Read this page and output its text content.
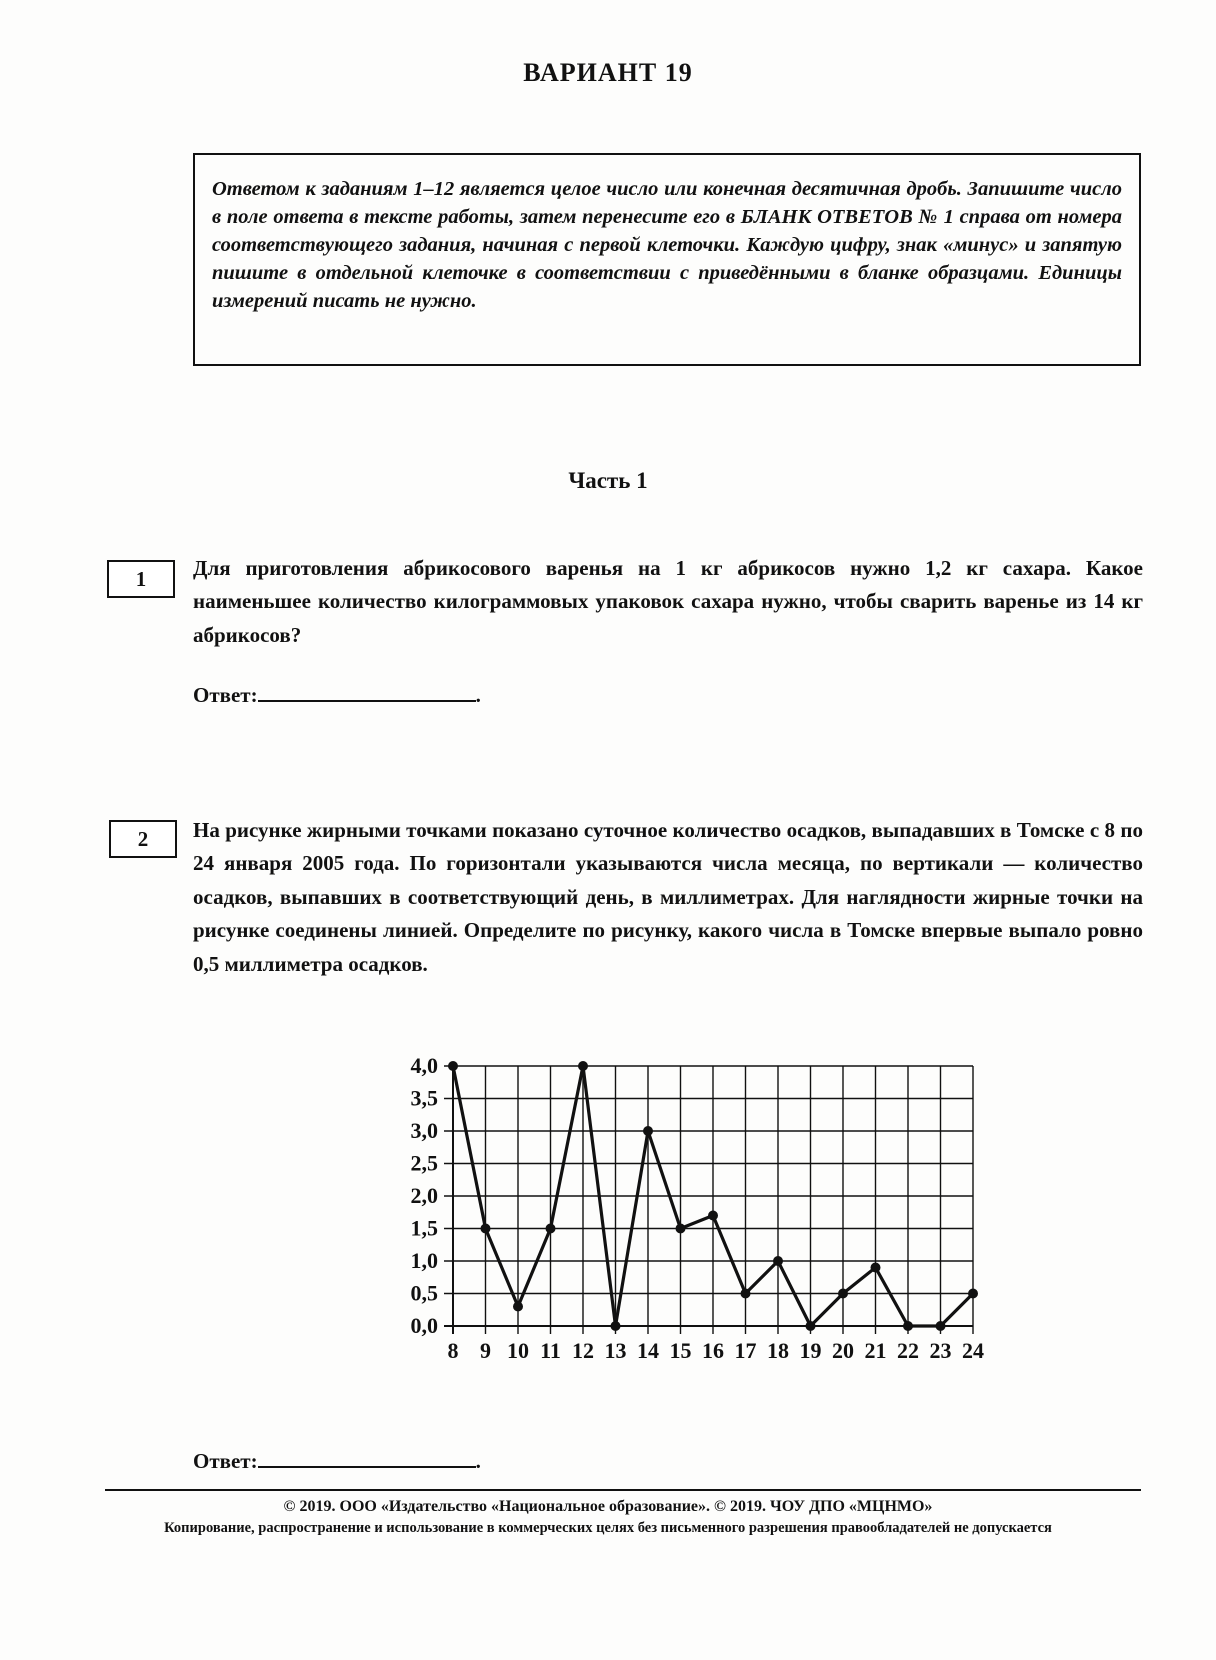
ВАРИАНТ 19
Ответом к заданиям 1–12 является целое число или конечная десятичная дробь. Запишите число в поле ответа в тексте работы, затем перенесите его в БЛАНК ОТВЕТОВ № 1 справа от номера соответствующего задания, начиная с первой клеточки. Каждую цифру, знак «минус» и запятую пишите в отдельной клеточке в соответствии с приведёнными в бланке образцами. Единицы измерений писать не нужно.
Часть 1
1 Для приготовления абрикосового варенья на 1 кг абрикосов нужно 1,2 кг сахара. Какое наименьшее количество килограммовых упаковок сахара нужно, чтобы сварить варенье из 14 кг абрикосов?
Ответ:	.
2 На рисунке жирными точками показано суточное количество осадков, выпадавших в Томске с 8 по 24 января 2005 года. По горизонтали указываются числа месяца, по вертикали — количество осадков, выпавших в соответствующий день, в миллиметрах. Для наглядности жирные точки на рисунке соединены линией. Определите по рисунку, какого числа в Томске впервые выпало ровно 0,5 миллиметра осадков.
0,0
0,5
1,0
1,5
2,0
2,5
3,0
3,5
4,0
8 9 10 11 12 13 14 15 16 17 18 19 20 21 22 23 24
Ответ:	.
© 2019. ООО «Издательство «Национальное образование». © 2019. ЧОУ ДПО «МЦНМО»
Копирование, распространение и использование в коммерческих целях без письменного разрешения правообладателей не допускается
